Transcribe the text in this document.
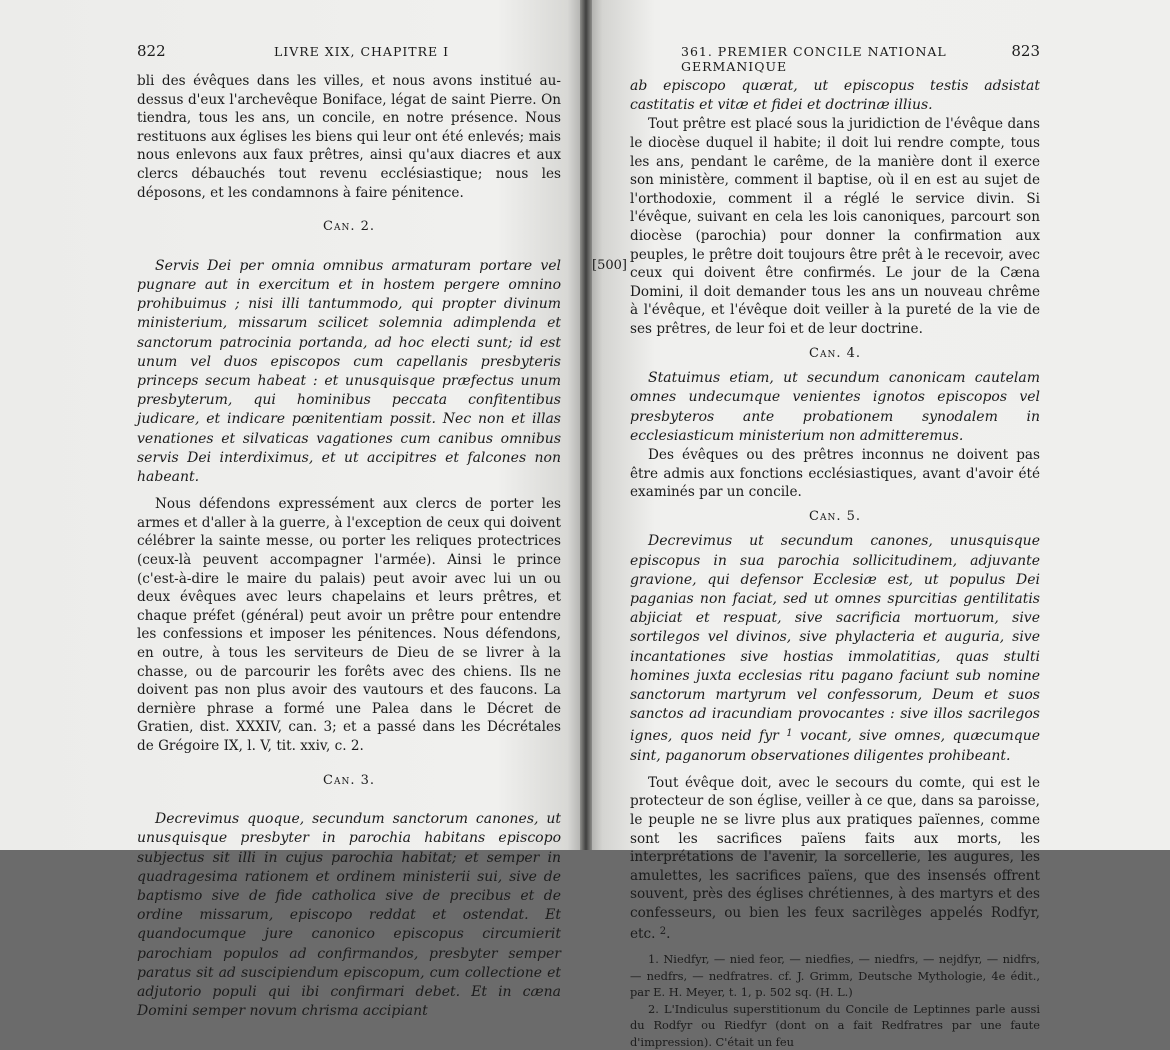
822	LIVRE XIX, CHAPITRE I

bli des évêques dans les villes, et nous avons institué au-dessus d'eux l'archevêque Boniface, légat de saint Pierre. On tiendra, tous les ans, un concile, en notre présence. Nous restituons aux églises les biens qui leur ont été enlevés; mais nous enlevons aux faux prêtres, ainsi qu'aux diacres et aux clercs débauchés tout revenu ecclésiastique; nous les déposons, et les condamnons à faire pénitence.

Can. 2.

Servis Dei per omnia omnibus armaturam portare vel pugnare aut in exercitum et in hostem pergere omnino prohibuimus ; nisi illi tantummodo, qui propter divinum ministerium, missarum scilicet solemnia adimplenda et sanctorum patrocinia portanda, ad hoc electi sunt; id est unum vel duos episcopos cum capellanis presbyteris princeps secum habeat : et unusquisque præfectus unum presbyterum, qui hominibus peccata confitentibus judicare, et indicare pœnitentiam possit. Nec non et illas venationes et silvaticas vagationes cum canibus omnibus servis Dei interdiximus, et ut accipitres et falcones non habeant.

Nous défendons expressément aux clercs de porter les armes et d'aller à la guerre, à l'exception de ceux qui doivent célébrer la sainte messe, ou porter les reliques protectrices (ceux-là peuvent accompagner l'armée). Ainsi le prince (c'est-à-dire le maire du palais) peut avoir avec lui un ou deux évêques avec leurs chapelains et leurs prêtres, et chaque préfet (général) peut avoir un prêtre pour entendre les confessions et imposer les pénitences. Nous défendons, en outre, à tous les serviteurs de Dieu de se livrer à la chasse, ou de parcourir les forêts avec des chiens. Ils ne doivent pas non plus avoir des vautours et des faucons. La dernière phrase a formé une Palea dans le Décret de Gratien, dist. XXXIV, can. 3; et a passé dans les Décrétales de Grégoire IX, l. V, tit. xxiv, c. 2.

Can. 3.

Decrevimus quoque, secundum sanctorum canones, ut unusquisque presbyter in parochia habitans episcopo subjectus sit illi in cujus parochia habitat; et semper in quadragesima rationem et ordinem ministerii sui, sive de baptismo sive de fide catholica sive de precibus et de ordine missarum, episcopo reddat et ostendat. Et quandocumque jure canonico episcopus circumierit parochiam populos ad confirmandos, presbyter semper paratus sit ad suscipiendum episcopum, cum collectione et adjutorio populi qui ibi confirmari debet. Et in cæna Domini semper novum chrisma accipiant

361. PREMIER CONCILE NATIONAL GERMANIQUE
823
[500]

ab episcopo quærat, ut episcopus testis adsistat castitatis et vitæ et fidei et doctrinæ illius.

Tout prêtre est placé sous la juridiction de l'évêque dans le diocèse duquel il habite; il doit lui rendre compte, tous les ans, pendant le carême, de la manière dont il exerce son ministère, comment il baptise, où il en est au sujet de l'orthodoxie, comment il a réglé le service divin. Si l'évêque, suivant en cela les lois canoniques, parcourt son diocèse (parochia) pour donner la confirmation aux peuples, le prêtre doit toujours être prêt à le recevoir, avec ceux qui doivent être confirmés. Le jour de la Cæna Domini, il doit demander tous les ans un nouveau chrême à l'évêque, et l'évêque doit veiller à la pureté de la vie de ses prêtres, de leur foi et de leur doctrine.

Can. 4.

Statuimus etiam, ut secundum canonicam cautelam omnes undecumque venientes ignotos episcopos vel presbyteros ante probationem synodalem in ecclesiasticum ministerium non admitteremus.

Des évêques ou des prêtres inconnus ne doivent pas être admis aux fonctions ecclésiastiques, avant d'avoir été examinés par un concile.

Can. 5.

Decrevimus ut secundum canones, unusquisque episcopus in sua parochia sollicitudinem, adjuvante gravione, qui defensor Ecclesiæ est, ut populus Dei paganias non faciat, sed ut omnes spurcitias gentilitatis abjiciat et respuat, sive sacrificia mortuorum, sive sortilegos vel divinos, sive phylacteria et auguria, sive incantationes sive hostias immolatitias, quas stulti homines juxta ecclesias ritu pagano faciunt sub nomine sanctorum martyrum vel confessorum, Deum et suos sanctos ad iracundiam provocantes : sive illos sacrilegos ignes, quos neid fyr $^1$ vocant, sive omnes, quæcumque sint, paganorum observationes diligentes prohibeant.

Tout évêque doit, avec le secours du comte, qui est le protecteur de son église, veiller à ce que, dans sa paroisse, le peuple ne se livre plus aux pratiques païennes, comme sont les sacrifices païens faits aux morts, les interprétations de l'avenir, la sorcellerie, les augures, les amulettes, les sacrifices païens, que des insensés offrent souvent, près des églises chrétiennes, à des martyrs et des confesseurs, ou bien les feux sacrilèges appelés Rodfyr, etc. $^2$.

1. Niedfyr, — nied feor, — niedfies, — niedfrs, — nejdfyr, — nidfrs, — nedfrs, — nedfratres. cf. J. Grimm, Deutsche Mythologie, 4e édit., par E. H. Meyer, t. 1, p. 502 sq. (H. L.)

2. L'Indiculus superstitionum du Concile de Leptinnes parle aussi du Rodfyr ou Riedfyr (dont on a fait Redfratres par une faute d'impression). C'était un feu
